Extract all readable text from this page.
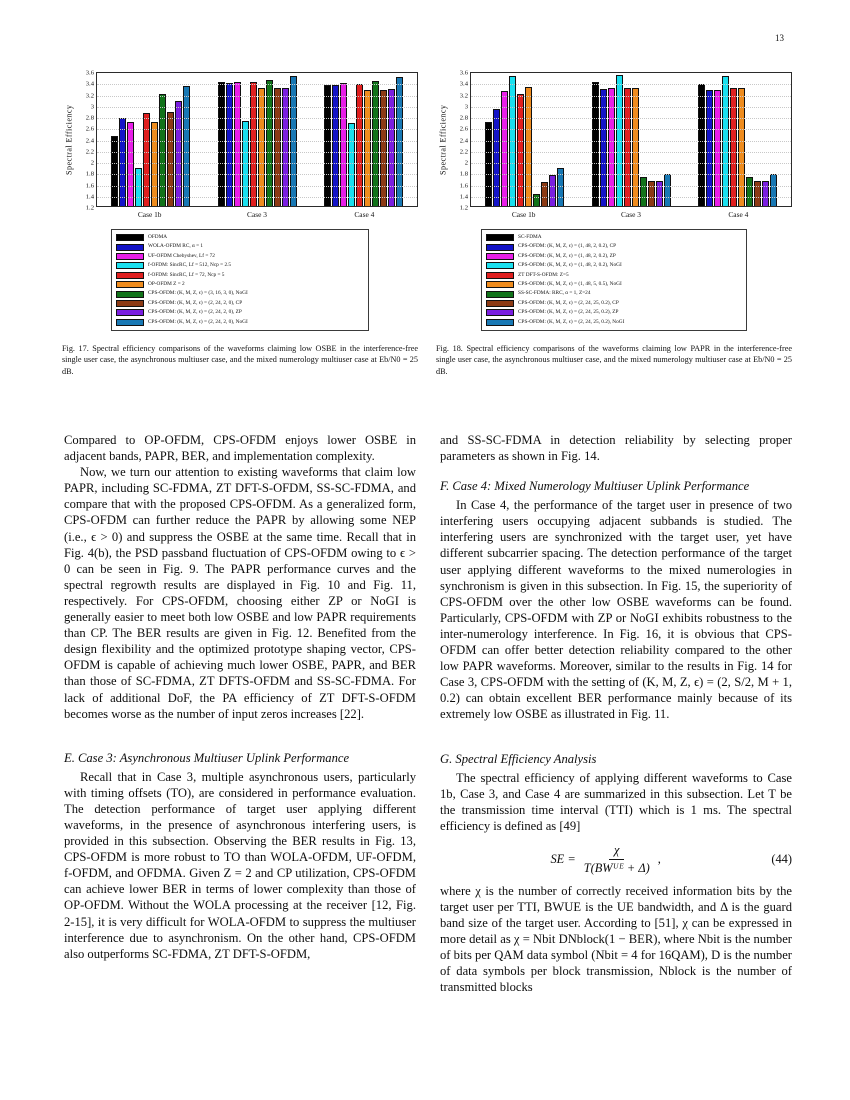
13
Spectral Efficiency
1.2
1.4
1.6
1.8
2
2.2
2.4
2.6
2.8
3
3.2
3.4
3.6
Case 1b	Case 3	Case 4
OFDMA
WOLA-OFDM RC, α = 1
UF-OFDM Chebyshev, Lf = 72
f-OFDM: SincRC, Lf = 512, Ncp = 2.5
f-OFDM: SincRC, Lf = 72, Ncp = 5
OP-OFDM Z = 2
CPS-OFDM: (K, M, Z, ϵ) = (3, 16, 3, 0), NoGI
CPS-OFDM: (K, M, Z, ϵ) = (2, 24, 2, 0), CP
CPS-OFDM: (K, M, Z, ϵ) = (2, 24, 2, 0), ZP
CPS-OFDM: (K, M, Z, ϵ) = (2, 24, 2, 0), NoGI
Fig. 17. Spectral efficiency comparisons of the waveforms claiming low OSBE in the interference-free single user case, the asynchronous multiuser case, and the mixed numerology multiuser case at Eb/N0 = 25 dB.
Spectral Efficiency
1.2
1.4
1.6
1.8
2
2.2
2.4
2.6
2.8
3
3.2
3.4
3.6
Case 1b	Case 3	Case 4
SC-FDMA
CPS-OFDM: (K, M, Z, ϵ) = (1, 48, 2, 0.2), CP
CPS-OFDM: (K, M, Z, ϵ) = (1, 48, 2, 0.2), ZP
CPS-OFDM: (K, M, Z, ϵ) = (1, 48, 2, 0.2), NoGI
ZT DFT-S-OFDM: Z=5
CPS-OFDM: (K, M, Z, ϵ) = (1, 48, 5, 0.5), NoGI
SS-SC-FDMA: RRC, α = 1, Z=24
CPS-OFDM: (K, M, Z, ϵ) = (2, 24, 25, 0.2), CP
CPS-OFDM: (K, M, Z, ϵ) = (2, 24, 25, 0.2), ZP
CPS-OFDM: (K, M, Z, ϵ) = (2, 24, 25, 0.2), NoGI
Fig. 18. Spectral efficiency comparisons of the waveforms claiming low PAPR in the interference-free single user case, the asynchronous multiuser case, and the mixed numerology multiuser case at Eb/N0 = 25 dB.

Compared to OP-OFDM, CPS-OFDM enjoys lower OSBE in adjacent bands, PAPR, BER, and implementation complexity.

Now, we turn our attention to existing waveforms that claim low PAPR, including SC-FDMA, ZT DFT-S-OFDM, SS-SC-FDMA, and compare that with the proposed CPS-OFDM. As a generalized form, CPS-OFDM can further reduce the PAPR by allowing some NEP (i.e., ϵ > 0) and suppress the OSBE at the same time. Recall that in Fig. 4(b), the PSD passband fluctuation of CPS-OFDM owing to ϵ > 0 can be seen in Fig. 9. The PAPR performance curves and the spectral regrowth results are displayed in Fig. 10 and Fig. 11, respectively. For CPS-OFDM, choosing either ZP or NoGI is generally easier to meet both low OSBE and low PAPR requirements than CP. The BER results are given in Fig. 12. Benefited from the design flexibility and the optimized prototype shaping vector, CPS-OFDM is capable of achieving much lower OSBE, PAPR, and BER than those of SC-FDMA, ZT DFTS-OFDM and SS-SC-FDMA. For lack of additional DoF, the PA efficiency of ZT DFT-S-OFDM becomes worse as the number of input zeros increases [22].

E. Case 3: Asynchronous Multiuser Uplink Performance

Recall that in Case 3, multiple asynchronous users, particularly with timing offsets (TO), are considered in performance evaluation. The detection performance of target user applying different waveforms, in the presence of asynchronous interfering users, is provided in this subsection. Observing the BER results in Fig. 13, CPS-OFDM is more robust to TO than WOLA-OFDM, UF-OFDM, f-OFDM, and OFDMA. Given Z = 2 and CP utilization, CPS-OFDM can achieve lower BER in terms of lower complexity than those of OP-OFDM. Without the WOLA processing at the receiver [12, Fig. 2-15], it is very difficult for WOLA-OFDM to suppress the multiuser interference due to asynchronism. On the other hand, CPS-OFDM also outperforms SC-FDMA, ZT DFT-S-OFDM,

and SS-SC-FDMA in detection reliability by selecting proper parameters as shown in Fig. 14.

F. Case 4: Mixed Numerology Multiuser Uplink Performance

In Case 4, the performance of the target user in presence of two interfering users occupying adjacent subbands is studied. The interfering users are synchronized with the target user, yet have different subcarrier spacing. The detection performance of the target user applying different waveforms to the mixed numerologies in synchronism is given in this subsection. In Fig. 15, the superiority of CPS-OFDM over the other low OSBE waveforms can be found. Particularly, CPS-OFDM with ZP or NoGI exhibits robustness to the inter-numerology interference. In Fig. 16, it is obvious that CPS-OFDM can offer better detection reliability compared to the other low PAPR waveforms. Moreover, similar to the results in Fig. 14 for Case 3, CPS-OFDM with the setting of (K, M, Z, ϵ) = (2, S/2, M + 1, 0.2) can obtain excellent BER performance mainly because of its extremely low OSBE as illustrated in Fig. 11.

G. Spectral Efficiency Analysis

The spectral efficiency of applying different waveforms to Case 1b, Case 3, and Case 4 are summarized in this subsection. Let T be the transmission time interval (TTI) which is 1 ms. The spectral efficiency is defined as [49]

SE = $\frac{\chi}{\text{T(BWᵁᴱ + Δ)}}$ ,	(44)

where χ is the number of correctly received information bits by the target user per TTI, BWUE is the UE bandwidth, and Δ is the guard band size of the target user. According to [51], χ can be expressed in more detail as χ = Nbit DNblock(1 − BER), where Nbit is the number of bits per QAM data symbol (Nbit = 4 for 16QAM), D is the number of data symbols per block transmission, Nblock is the number of transmitted blocks
